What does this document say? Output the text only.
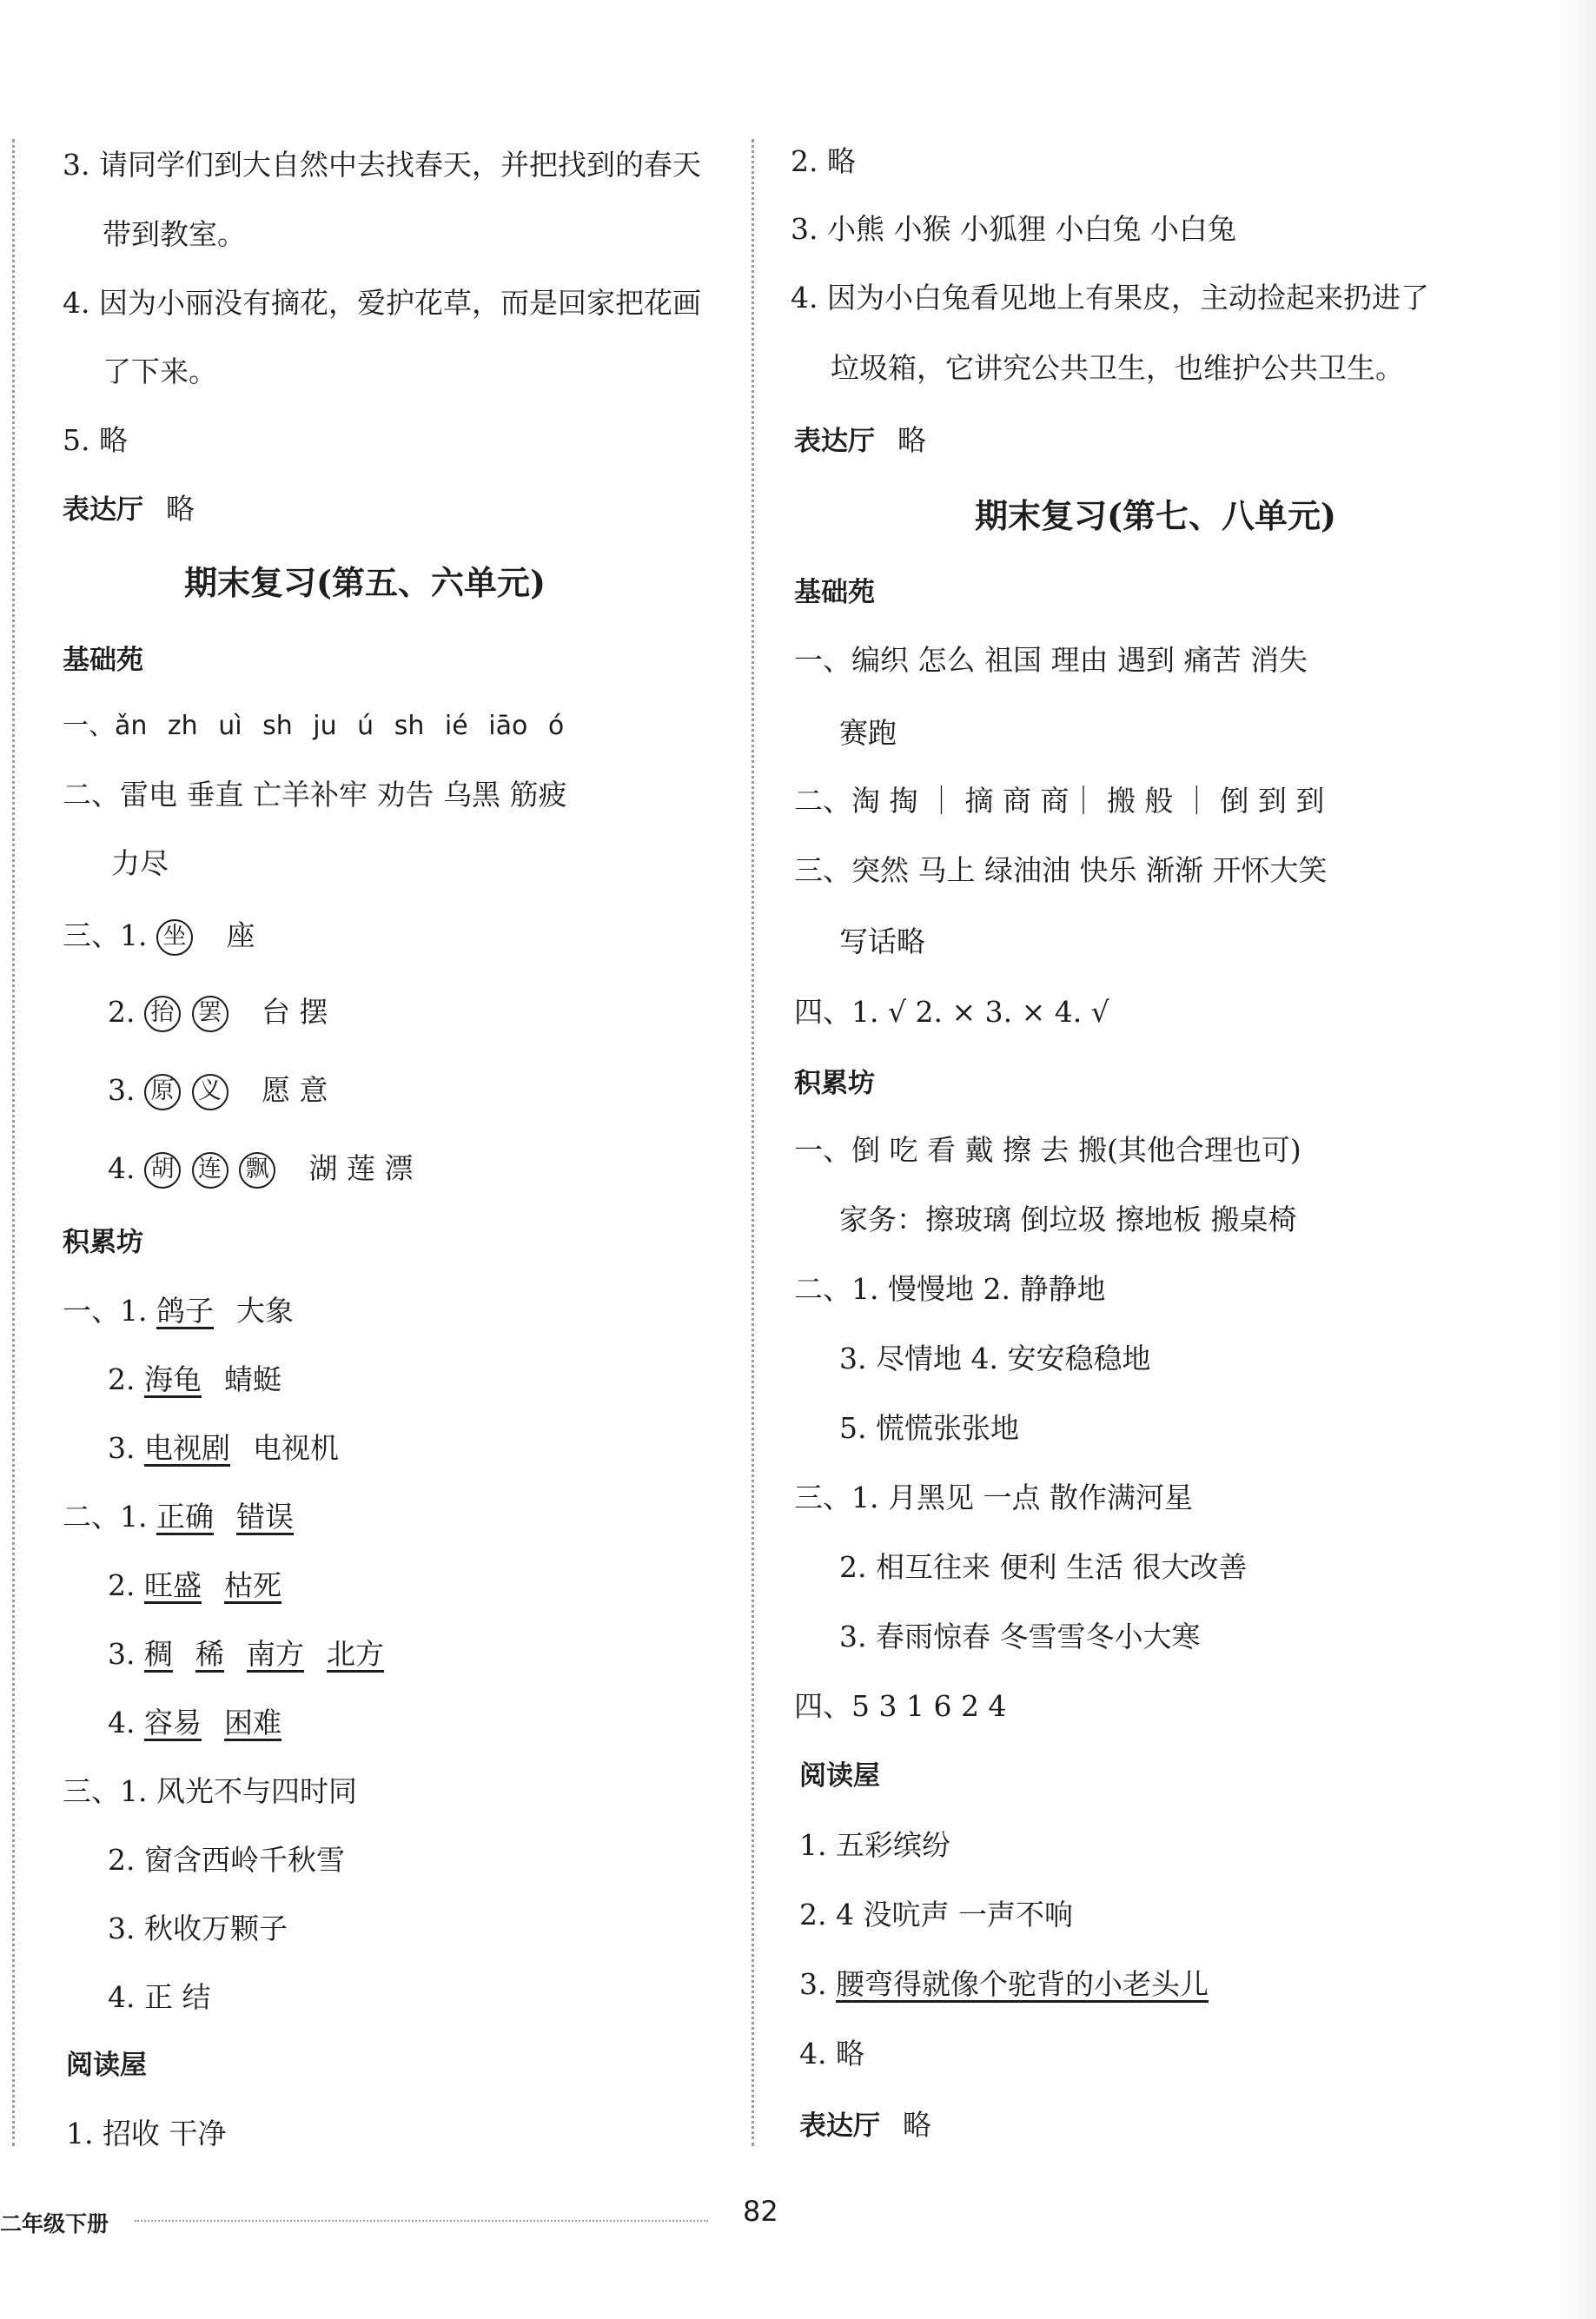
3. 请同学们到大自然中去找春天，并把找到的春天
带到教室。
4. 因为小丽没有摘花，爱护花草，而是回家把花画
了下来。
5. 略
表达厅 略
期末复习(第五、六单元)
基础苑
一、ǎn zh uì sh ju ú sh ié iāo ó
二、雷电 垂直 亡羊补牢 劝告 乌黑 筋疲
力尽
三、1. 坐 座
2. 抬 罢 台 摆
3. 原 义 愿 意
4. 胡 连 飘 湖 莲 漂
积累坊
一、1. 鸽子 大象
2. 海龟 蜻蜓
3. 电视剧 电视机
二、1. 正确 错误
2. 旺盛 枯死
3. 稠 稀 南方 北方
4. 容易 困难
三、1. 风光不与四时同
2. 窗含西岭千秋雪
3. 秋收万颗子
4. 正 结
阅读屋
1. 招收 干净
2. 略
3. 小熊 小猴 小狐狸 小白兔 小白兔
4. 因为小白兔看见地上有果皮，主动捡起来扔进了
垃圾箱，它讲究公共卫生，也维护公共卫生。
表达厅 略
期末复习(第七、八单元)
基础苑
一、编织 怎么 祖国 理由 遇到 痛苦 消失
赛跑
二、淘 掏 ｜ 摘 商 商｜ 搬 般 ｜ 倒 到 到
三、突然 马上 绿油油 快乐 渐渐 开怀大笑
写话略
四、1. √ 2. × 3. × 4. √
积累坊
一、倒 吃 看 戴 擦 去 搬(其他合理也可)
家务：擦玻璃 倒垃圾 擦地板 搬桌椅
二、1. 慢慢地 2. 静静地
3. 尽情地 4. 安安稳稳地
5. 慌慌张张地
三、1. 月黑见 一点 散作满河星
2. 相互往来 便利 生活 很大改善
3. 春雨惊春 冬雪雪冬小大寒
四、5 3 1 6 2 4
阅读屋
1. 五彩缤纷
2. 4 没吭声 一声不响
3. 腰弯得就像个驼背的小老头儿
4. 略
表达厅 略
二年级下册	82
